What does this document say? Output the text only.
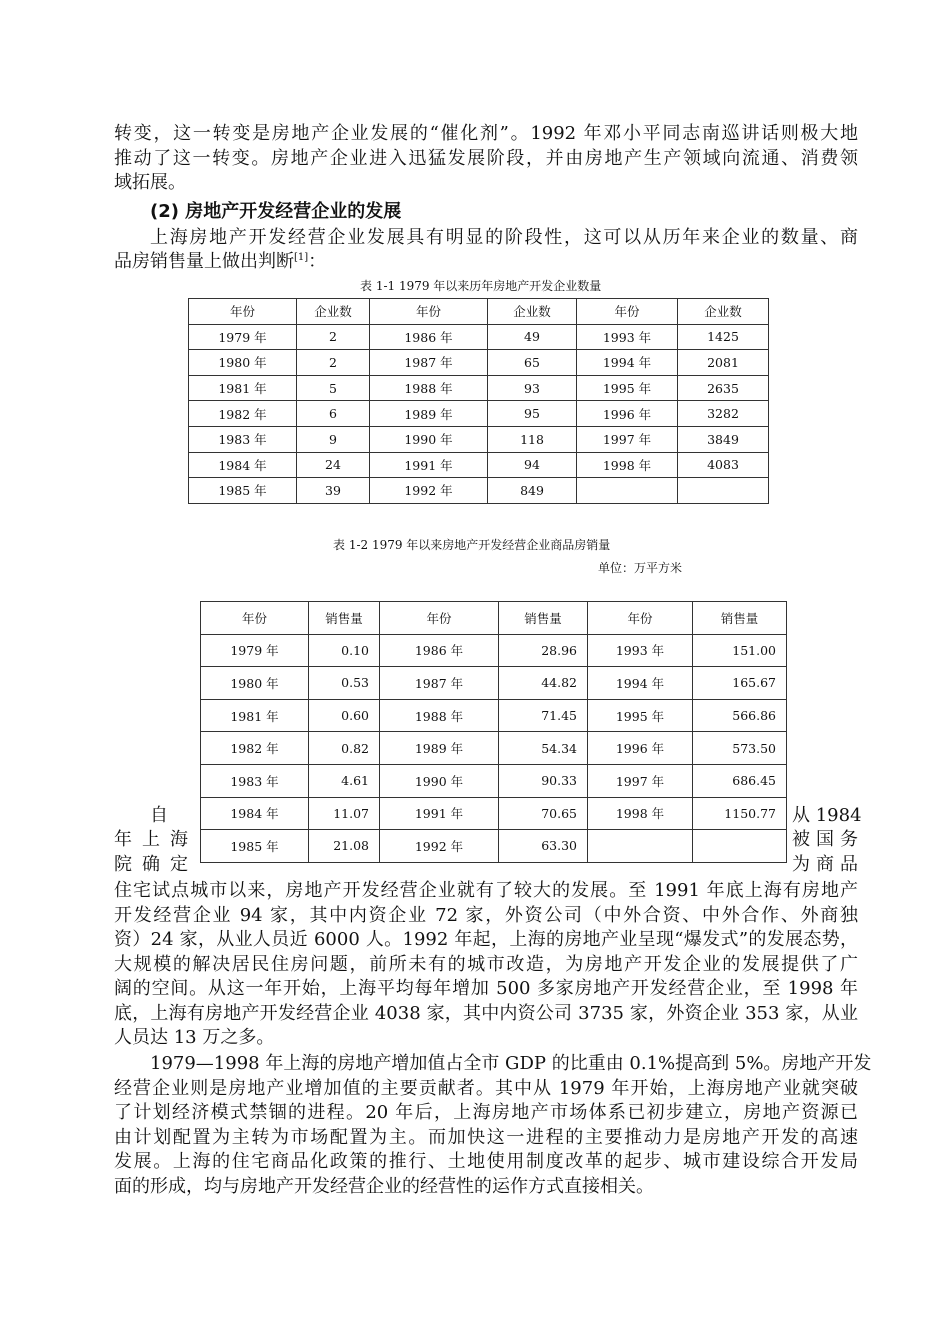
转变，这一转变是房地产企业发展的“催化剂”。1992 年邓小平同志南巡讲话则极大地
推动了这一转变。房地产企业进入迅猛发展阶段，并由房地产生产领域向流通、消费领
域拓展。
(2) 房地产开发经营企业的发展
上海房地产开发经营企业发展具有明显的阶段性，这可以从历年来企业的数量、商
品房销售量上做出判断[1]：
表 1-1 1979 年以来历年房地产开发企业数量
年份	企业数	年份	企业数	年份	企业数
1979 年	2	1986 年	49	1993 年	1425
1980 年	2	1987 年	65	1994 年	2081
1981 年	5	1988 年	93	1995 年	2635
1982 年	6	1989 年	95	1996 年	3282
1983 年	9	1990 年	118	1997 年	3849
1984 年	24	1991 年	94	1998 年	4083
1985 年	39	1992 年	849		
表 1-2 1979 年以来房地产开发经营企业商品房销量
单位：万平方米
年份	销售量	年份	销售量	年份	销售量
1979 年	0.10	1986 年	28.96	1993 年	151.00
1980 年	0.53	1987 年	44.82	1994 年	165.67
1981 年	0.60	1988 年	71.45	1995 年	566.86
1982 年	0.82	1989 年	54.34	1996 年	573.50
1983 年	4.61	1990 年	90.33	1997 年	686.45
1984 年	11.07	1991 年	70.65	1998 年	1150.77
1985 年	21.08	1992 年	63.30		
自
年 上 海
院 确 定
从 1984
被 国 务
为 商 品
住宅试点城市以来，房地产开发经营企业就有了较大的发展。至 1991 年底上海有房地产
开发经营企业 94 家，其中内资企业 72 家，外资公司（中外合资、中外合作、外商独
资）24 家，从业人员近 6000 人。1992 年起，上海的房地产业呈现“爆发式”的发展态势，
大规模的解决居民住房问题，前所未有的城市改造，为房地产开发企业的发展提供了广
阔的空间。从这一年开始，上海平均每年增加 500 多家房地产开发经营企业，至 1998 年
底，上海有房地产开发经营企业 4038 家，其中内资公司 3735 家，外资企业 353 家，从业
人员达 13 万之多。
1979—1998 年上海的房地产增加值占全市 GDP 的比重由 0.1%提高到 5%。房地产开发
经营企业则是房地产业增加值的主要贡献者。其中从 1979 年开始，上海房地产业就突破
了计划经济模式禁锢的进程。20 年后，上海房地产市场体系已初步建立，房地产资源已
由计划配置为主转为市场配置为主。而加快这一进程的主要推动力是房地产开发的高速
发展。上海的住宅商品化政策的推行、土地使用制度改革的起步、城市建设综合开发局
面的形成，均与房地产开发经营企业的经营性的运作方式直接相关。
